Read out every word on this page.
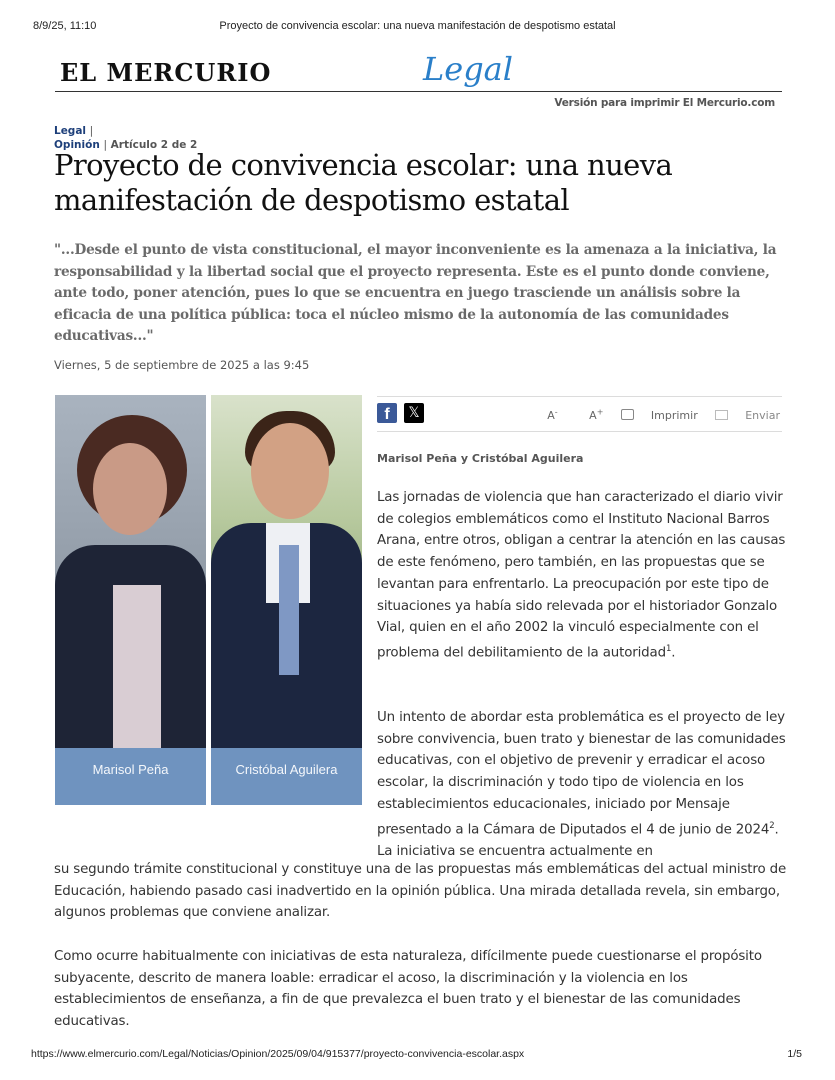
8/9/25, 11:10	Proyecto de convivencia escolar: una nueva manifestación de despotismo estatal
EL MERCURIO	Legal
Versión para imprimir El Mercurio.com
Legal |
Opinión | Artículo 2 de 2
Proyecto de convivencia escolar: una nueva manifestación de despotismo estatal
"...Desde el punto de vista constitucional, el mayor inconveniente es la amenaza a la iniciativa, la responsabilidad y la libertad social que el proyecto representa. Este es el punto donde conviene, ante todo, poner atención, pues lo que se encuentra en juego trasciende un análisis sobre la eficacia de una política pública: toca el núcleo mismo de la autonomía de las comunidades educativas..."
Viernes, 5 de septiembre de 2025 a las 9:45
Marisol Peña	Cristóbal Aguilera
f	𝕏	A-	A+	Imprimir	Enviar
Marisol Peña y Cristóbal Aguilera

Las jornadas de violencia que han caracterizado el diario vivir de colegios emblemáticos como el Instituto Nacional Barros Arana, entre otros, obligan a centrar la atención en las causas de este fenómeno, pero también, en las propuestas que se levantan para enfrentarlo. La preocupación por este tipo de situaciones ya había sido relevada por el historiador Gonzalo Vial, quien en el año 2002 la vinculó especialmente con el problema del debilitamiento de la autoridad$^1$.

Un intento de abordar esta problemática es el proyecto de ley sobre convivencia, buen trato y bienestar de las comunidades educativas, con el objetivo de prevenir y erradicar el acoso escolar, la discriminación y todo tipo de violencia en los establecimientos educacionales, iniciado por Mensaje presentado a la Cámara de Diputados el 4 de junio de 2024$^2$. La iniciativa se encuentra actualmente en

su segundo trámite constitucional y constituye una de las propuestas más emblemáticas del actual ministro de Educación, habiendo pasado casi inadvertido en la opinión pública. Una mirada detallada revela, sin embargo, algunos problemas que conviene analizar.

Como ocurre habitualmente con iniciativas de esta naturaleza, difícilmente puede cuestionarse el propósito subyacente, descrito de manera loable: erradicar el acoso, la discriminación y la violencia en los establecimientos de enseñanza, a fin de que prevalezca el buen trato y el bienestar de las comunidades educativas.

https://www.elmercurio.com/Legal/Noticias/Opinion/2025/09/04/915377/proyecto-convivencia-escolar.aspx	1/5
